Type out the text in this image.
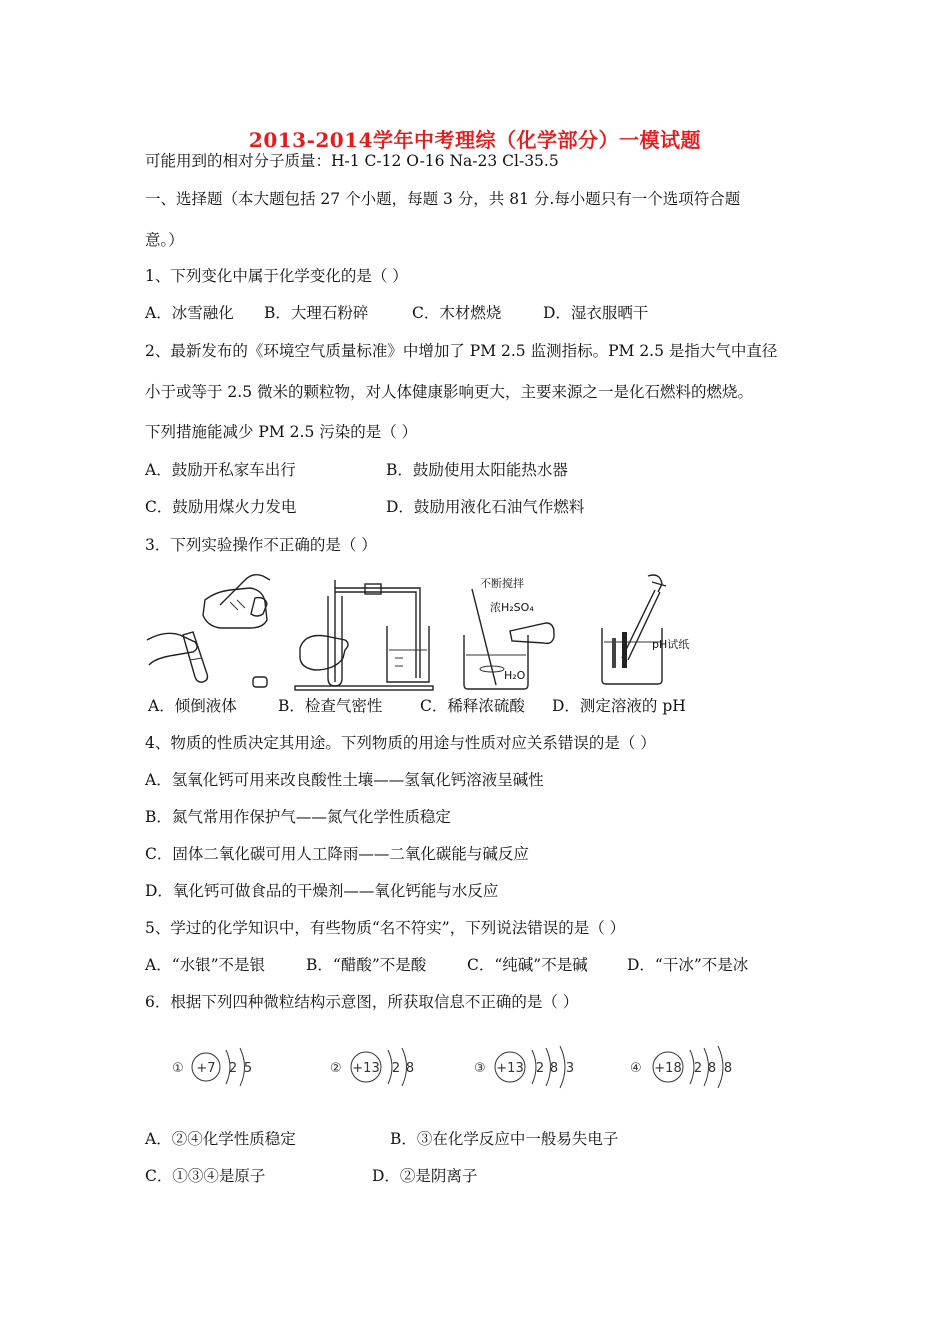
2013-2014学年中考理综（化学部分）一模试题
可能用到的相对分子质量：H-1 C-12 O-16 Na-23 Cl-35.5
一、选择题（本大题包括 27 个小题，每题 3 分，共 81 分.每小题只有一个选项符合题
意。）
1、下列变化中属于化学变化的是（ ）
A．冰雪融化 B．大理石粉碎	C．木材燃烧	D．湿衣服晒干
2、最新发布的《环境空气质量标准》中增加了 PM 2.5 监测指标。PM 2.5 是指大气中直径
小于或等于 2.5 微米的颗粒物，对人体健康影响更大，主要来源之一是化石燃料的燃烧。
下列措施能减少 PM 2.5 污染的是（ ）
A．鼓励开私家车出行	B．鼓励使用太阳能热水器
C．鼓励用煤火力发电	D．鼓励用液化石油气作燃料
3．下列实验操作不正确的是（ ）
不断搅拌
浓H₂SO₄
H₂O
pH试纸
A．倾倒液体	B．检查气密性 C．稀释浓硫酸 D．测定溶液的 pH
4、物质的性质决定其用途。下列物质的用途与性质对应关系错误的是（ ）
A．氢氧化钙可用来改良酸性土壤——氢氧化钙溶液呈碱性
B．氮气常用作保护气——氮气化学性质稳定
C．固体二氧化碳可用人工降雨——二氧化碳能与碱反应
D．氧化钙可做食品的干燥剂——氧化钙能与水反应
5、学过的化学知识中，有些物质“名不符实”，下列说法错误的是（ ）
A．“水银”不是银	B．“醋酸”不是酸	C．“纯碱”不是碱	D．“干冰”不是冰
6．根据下列四种微粒结构示意图，所获取信息不正确的是（ ）
① +7 2 5	② +13 2 8	③ +13 2 8 3	④ +18 2 8 8
A．②④化学性质稳定	B．③在化学反应中一般易失电子
C．①③④是原子	D．②是阴离子
